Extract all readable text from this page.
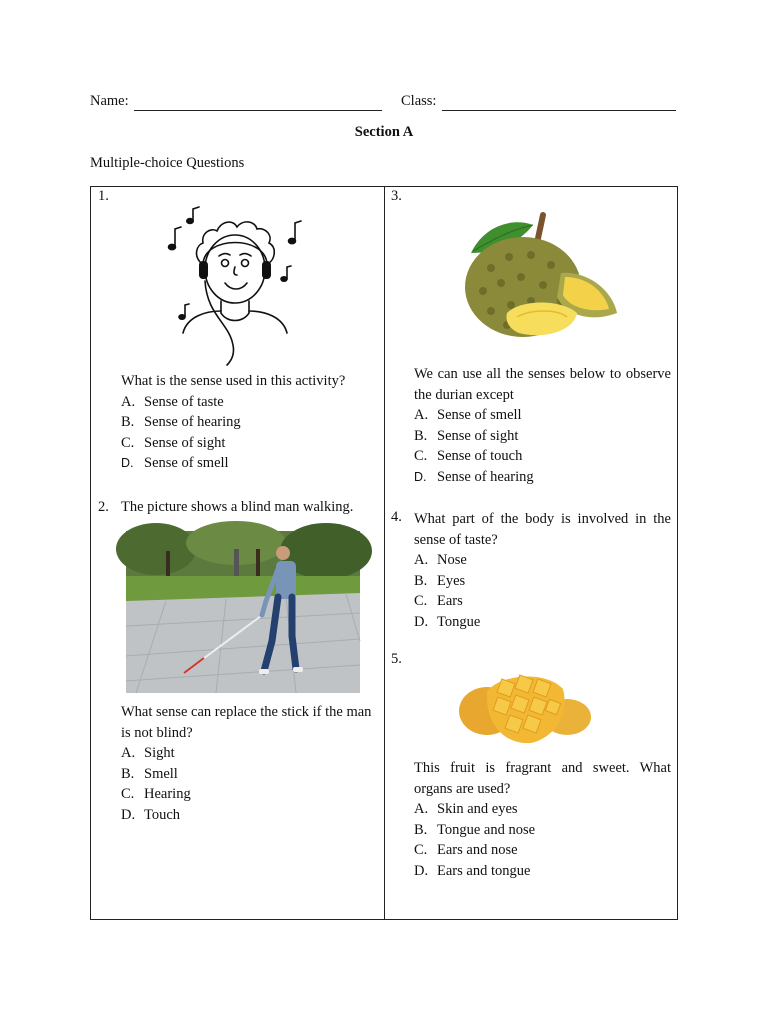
Name:	Class:
Section A
Multiple-choice Questions
1.
What is the sense used in this activity?
A. Sense of taste
B. Sense of hearing
C. Sense of sight
D. Sense of smell
2. The picture shows a blind man walking.
What sense can replace the stick if the man is not blind?
A. Sight
B. Smell
C. Hearing
D. Touch
3.
We can use all the senses below to observe the durian except
A. Sense of smell
B. Sense of sight
C. Sense of touch
D. Sense of hearing
4. What part of the body is involved in the sense of taste?
A. Nose
B. Eyes
C. Ears
D. Tongue
5.
This fruit is fragrant and sweet. What organs are used?
A. Skin and eyes
B. Tongue and nose
C. Ears and nose
D. Ears and tongue
